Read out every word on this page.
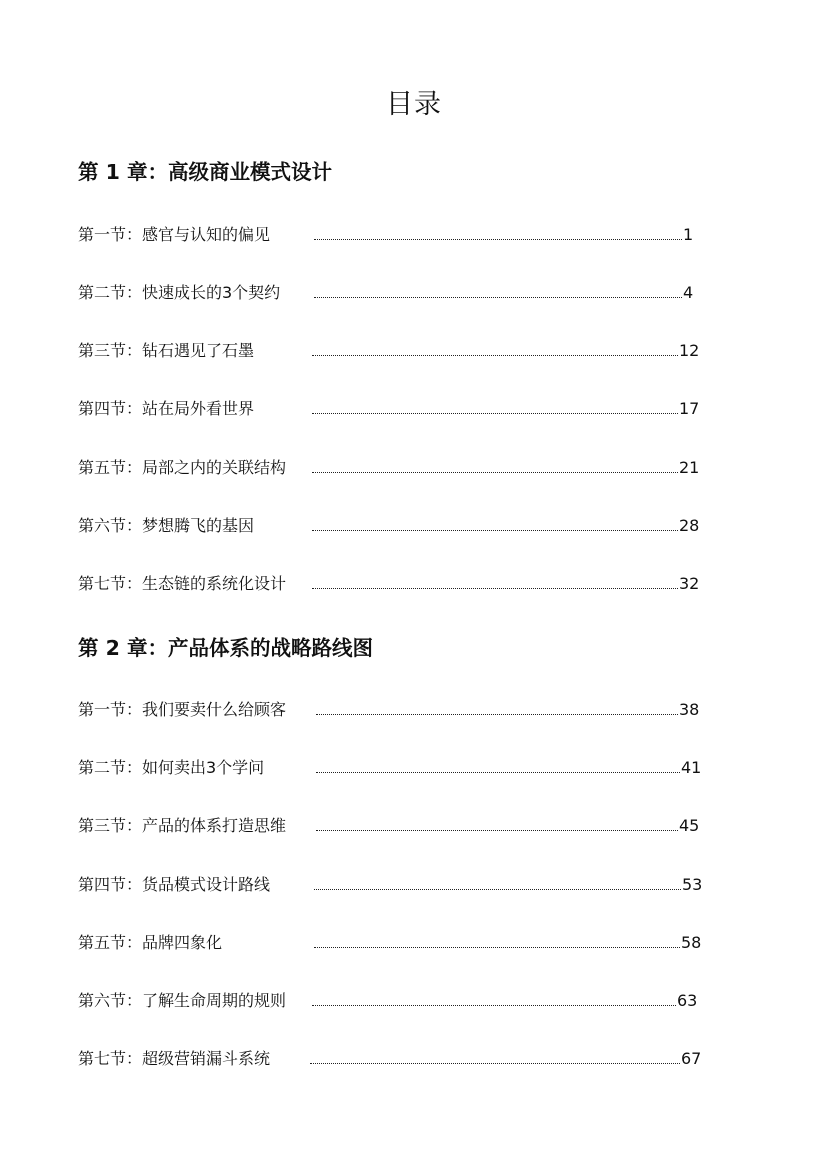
目录
第 1 章：高级商业模式设计
第一节：感官与认知的偏见	1
第二节：快速成长的3个契约	4
第三节：钻石遇见了石墨	12
第四节：站在局外看世界	17
第五节：局部之内的关联结构	21
第六节：梦想腾飞的基因	28
第七节：生态链的系统化设计	32
第 2 章：产品体系的战略路线图
第一节：我们要卖什么给顾客	38
第二节：如何卖出3个学问	41
第三节：产品的体系打造思维	45
第四节：货品模式设计路线	53
第五节：品牌四象化	58
第六节：了解生命周期的规则	63
第七节：超级营销漏斗系统	67
